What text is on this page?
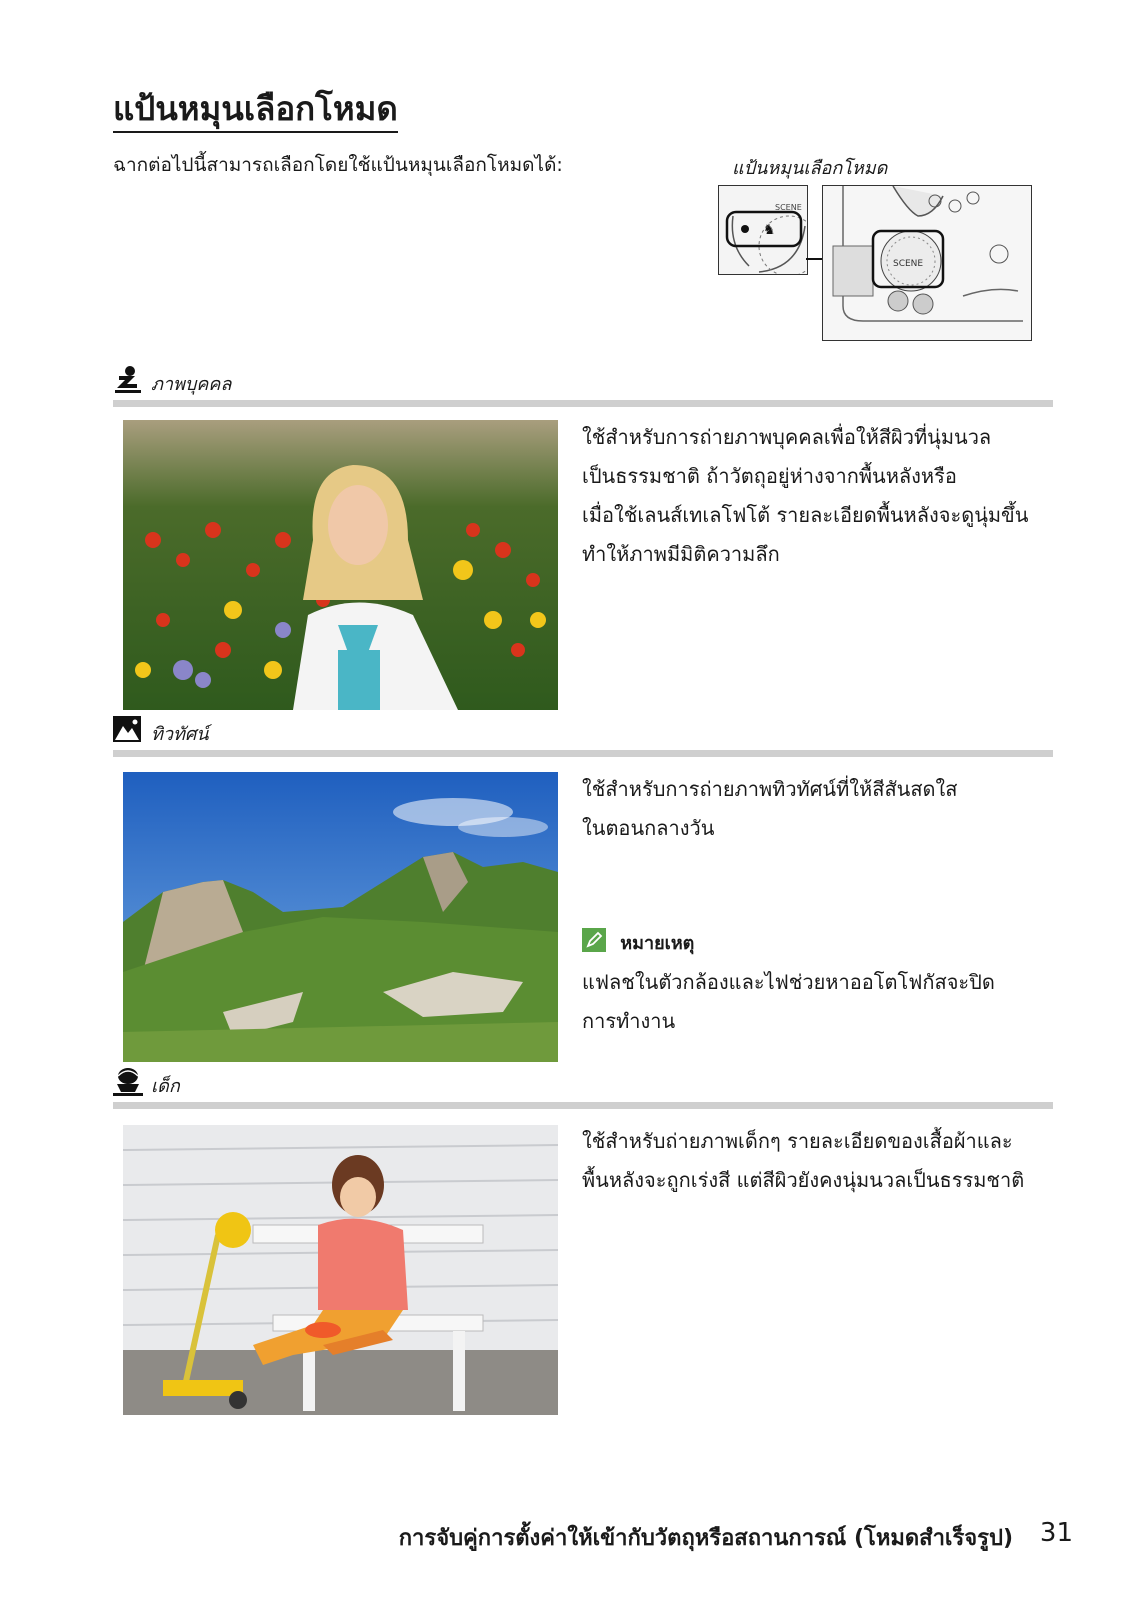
แป้นหมุนเลือกโหมด
ฉากต่อไปนี้สามารถเลือกโดยใช้แป้นหมุนเลือกโหมดได้:	แป้นหมุนเลือกโหมด
♞
SCENE
SCENE
ภาพบุคคล
ใช้สำหรับการถ่ายภาพบุคคลเพื่อให้สีผิวที่นุ่มนวล
เป็นธรรมชาติ ถ้าวัตถุอยู่ห่างจากพื้นหลังหรือ
เมื่อใช้เลนส์เทเลโฟโต้ รายละเอียดพื้นหลังจะดูนุ่มขึ้น
ทำให้ภาพมีมิติความลึก
ทิวทัศน์
ใช้สำหรับการถ่ายภาพทิวทัศน์ที่ให้สีสันสดใส
ในตอนกลางวัน
หมายเหตุ
แฟลชในตัวกล้องและไฟช่วยหาออโตโฟกัสจะปิด
การทำงาน
เด็ก
ใช้สำหรับถ่ายภาพเด็กๆ รายละเอียดของเสื้อผ้าและ
พื้นหลังจะถูกเร่งสี แต่สีผิวยังคงนุ่มนวลเป็นธรรมชาติ
การจับคู่การตั้งค่าให้เข้ากับวัตถุหรือสถานการณ์ (โหมดสำเร็จรูป) 31
